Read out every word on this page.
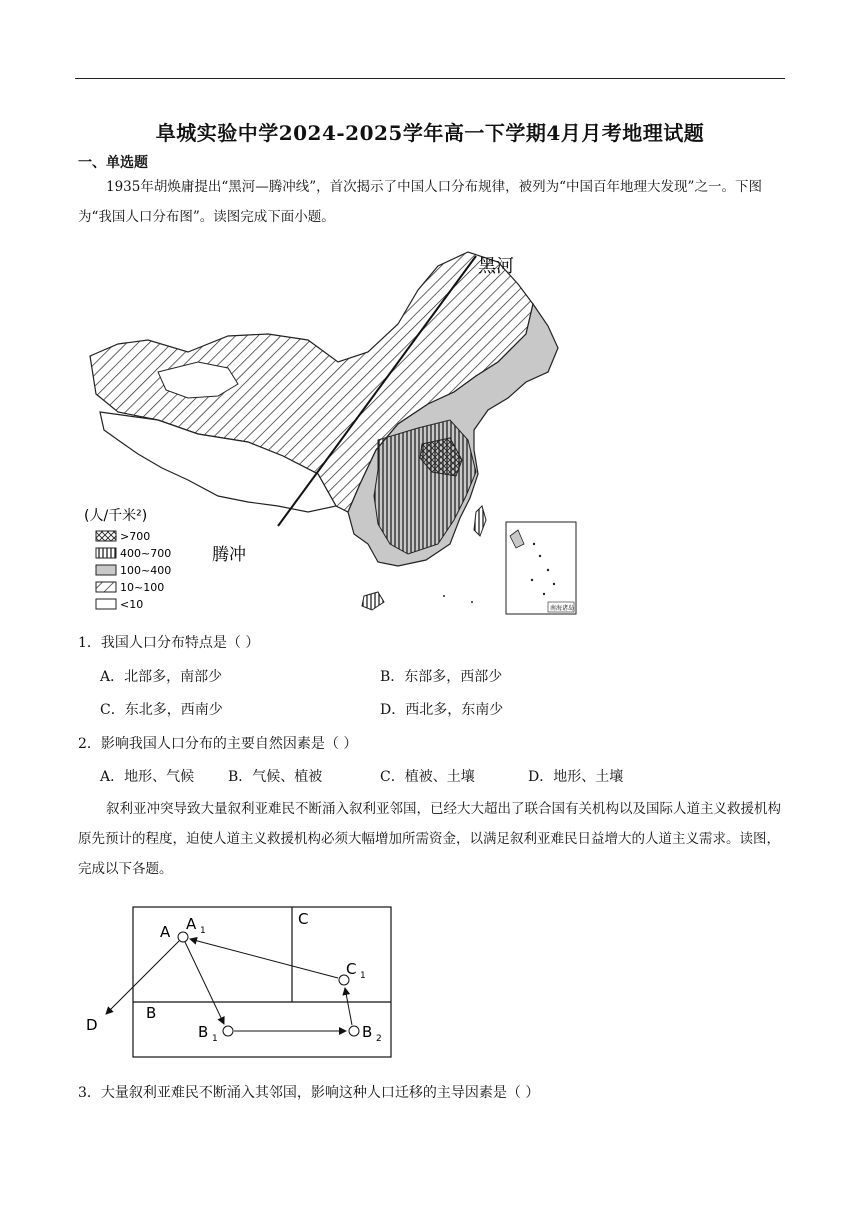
阜城实验中学2024-2025学年高一下学期4月月考地理试题
一、单选题
1935年胡焕庸提出“黑河—腾冲线”，首次揭示了中国人口分布规律，被列为“中国百年地理大发现”之一。下图为“我国人口分布图”。读图完成下面小题。
黑河
腾冲
(人/千米²)
>700
400~700
100~400
10~100
<10	南海诸岛
1．我国人口分布特点是（ ）
A．北部多，南部少	B．东部多，西部少
C．东北多，西南少	D．西北多，东南少
2．影响我国人口分布的主要自然因素是（ ）
A．地形、气候 B．气候、植被	C．植被、土壤	D．地形、土壤
叙利亚冲突导致大量叙利亚难民不断涌入叙利亚邻国，已经大大超出了联合国有关机构以及国际人道主义救援机构原先预计的程度，迫使人道主义救援机构必须大幅增加所需资金，以满足叙利亚难民日益增大的人道主义需求。读图，完成以下各题。
A A 1
C
C 1
B
B 1	B 2
D
3．大量叙利亚难民不断涌入其邻国，影响这种人口迁移的主导因素是（ ）
